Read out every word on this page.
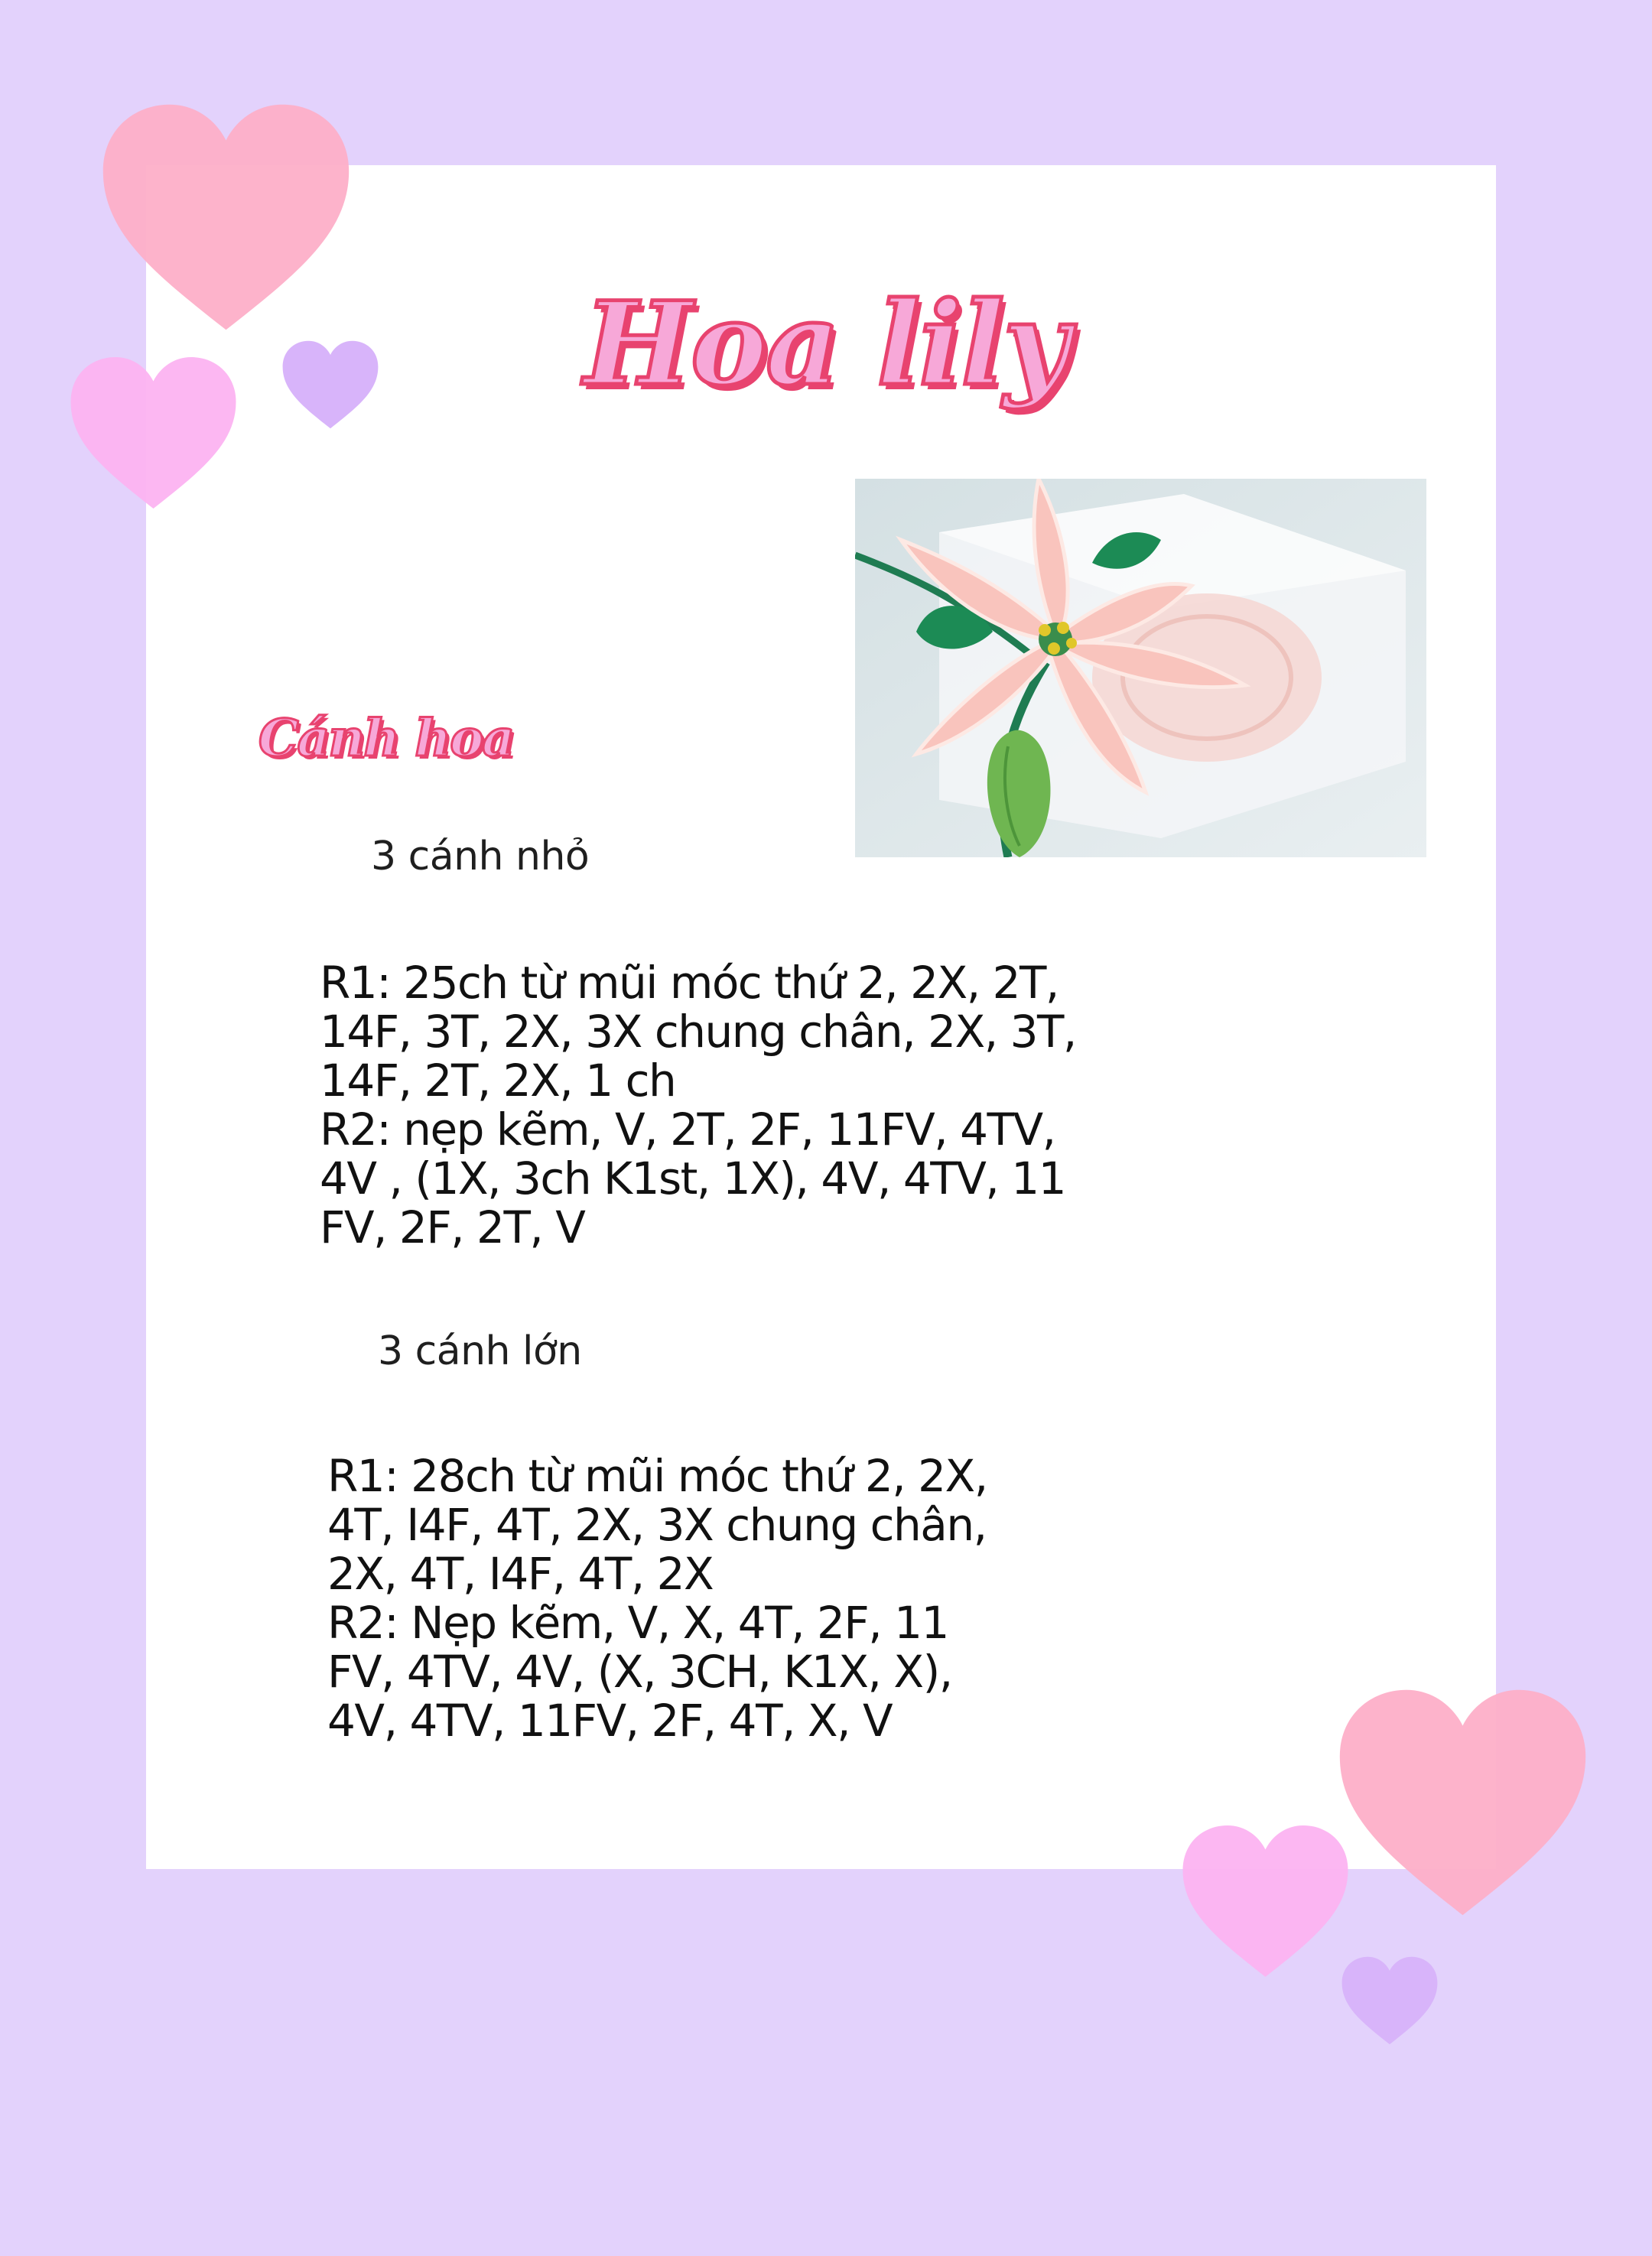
Hoa lily
Cánh hoa
3 cánh nhỏ
R1: 25ch từ mũi móc thứ 2, 2X, 2T,
14F, 3T, 2X, 3X chung chân, 2X, 3T,
14F, 2T, 2X, 1 ch
R2: nẹp kẽm, V, 2T, 2F, 11FV, 4TV,
4V , (1X, 3ch K1st, 1X), 4V, 4TV, 11
FV, 2F, 2T, V
3 cánh lớn
R1: 28ch từ mũi móc thứ 2, 2X,
4T, I4F, 4T, 2X, 3X chung chân,
2X, 4T, I4F, 4T, 2X
R2: Nẹp kẽm, V, X, 4T, 2F, 11
FV, 4TV, 4V, (X, 3CH, K1X, X),
4V, 4TV, 11FV, 2F, 4T, X, V
